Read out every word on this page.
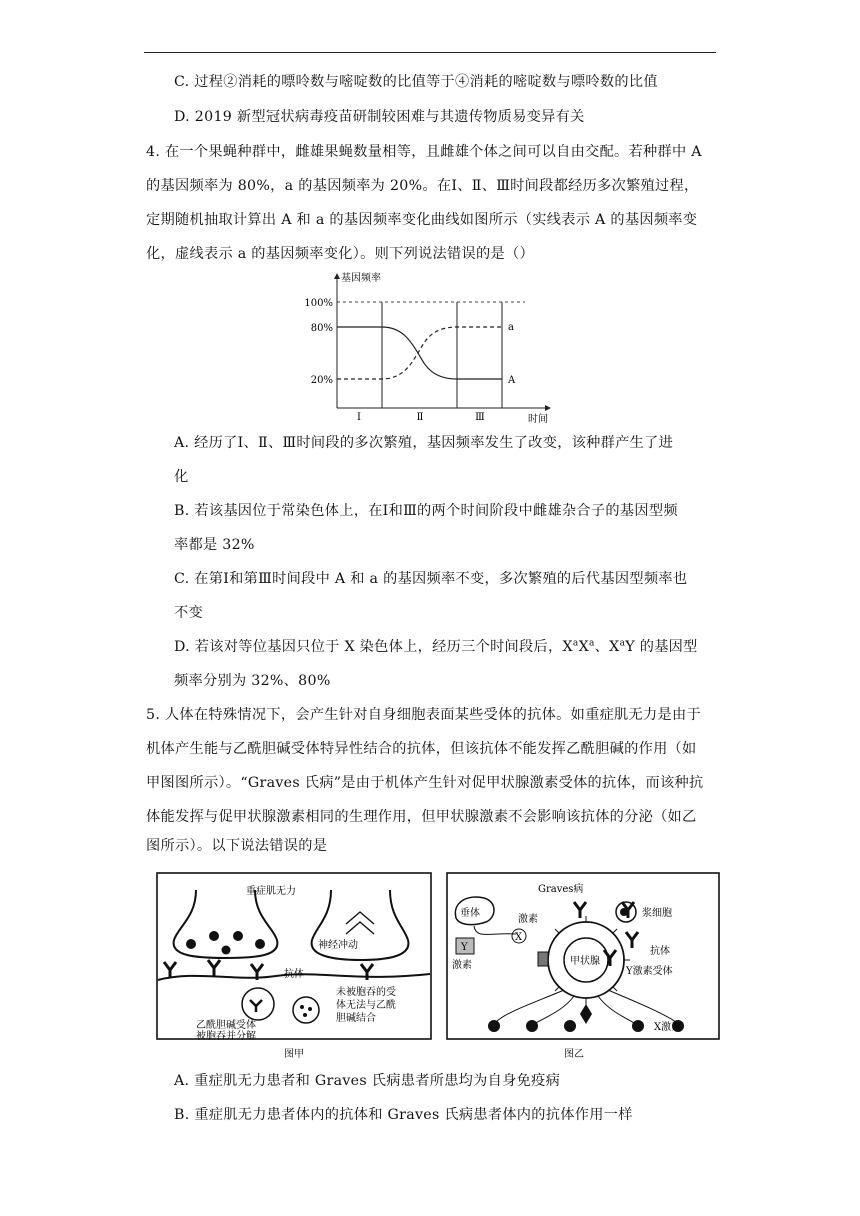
C. 过程②消耗的嘌呤数与嘧啶数的比值等于④消耗的嘧啶数与嘌呤数的比值
D. 2019 新型冠状病毒疫苗研制较困难与其遗传物质易变异有关
4. 在一个果蝇种群中，雌雄果蝇数量相等，且雌雄个体之间可以自由交配。若种群中 A
的基因频率为 80%，a 的基因频率为 20%。在Ⅰ、Ⅱ、Ⅲ时间段都经历多次繁殖过程，
定期随机抽取计算出 A 和 a 的基因频率变化曲线如图所示（实线表示 A 的基因频率变
化，虚线表示 a 的基因频率变化）。则下列说法错误的是（）
基因频率
时间
100%
80%
20%
Ⅰ	Ⅱ	Ⅲ
a
A
A. 经历了Ⅰ、Ⅱ、Ⅲ时间段的多次繁殖，基因频率发生了改变，该种群产生了进
化
B. 若该基因位于常染色体上，在Ⅰ和Ⅲ的两个时间阶段中雌雄杂合子的基因型频
率都是 32%
C. 在第Ⅰ和第Ⅲ时间段中 A 和 a 的基因频率不变，多次繁殖的后代基因型频率也
不变
D. 若该对等位基因只位于 X 染色体上，经历三个时间段后，$X^aX^a$、$X^aY$ 的基因型
频率分别为 32%、80%
5. 人体在特殊情况下，会产生针对自身细胞表面某些受体的抗体。如重症肌无力是由于
机体产生能与乙酰胆碱受体特异性结合的抗体，但该抗体不能发挥乙酰胆碱的作用（如
甲图图所示）。“Graves 氏病”是由于机体产生针对促甲状腺激素受体的抗体，而该种抗
体能发挥与促甲状腺激素相同的生理作用，但甲状腺激素不会影响该抗体的分泌（如乙
图所示）。以下说法错误的是
重症肌无力
神经冲动
抗体
乙酰胆碱受体
被胞吞并分解
未被胞吞的受
体无法与乙酰
胆碱结合
图甲
Graves病
垂体
X
激素
Y
激素	甲状腺
浆细胞
抗体
Y激素受体
X激素
图乙
A. 重症肌无力患者和 Graves 氏病患者所患均为自身免疫病
B. 重症肌无力患者体内的抗体和 Graves 氏病患者体内的抗体作用一样
